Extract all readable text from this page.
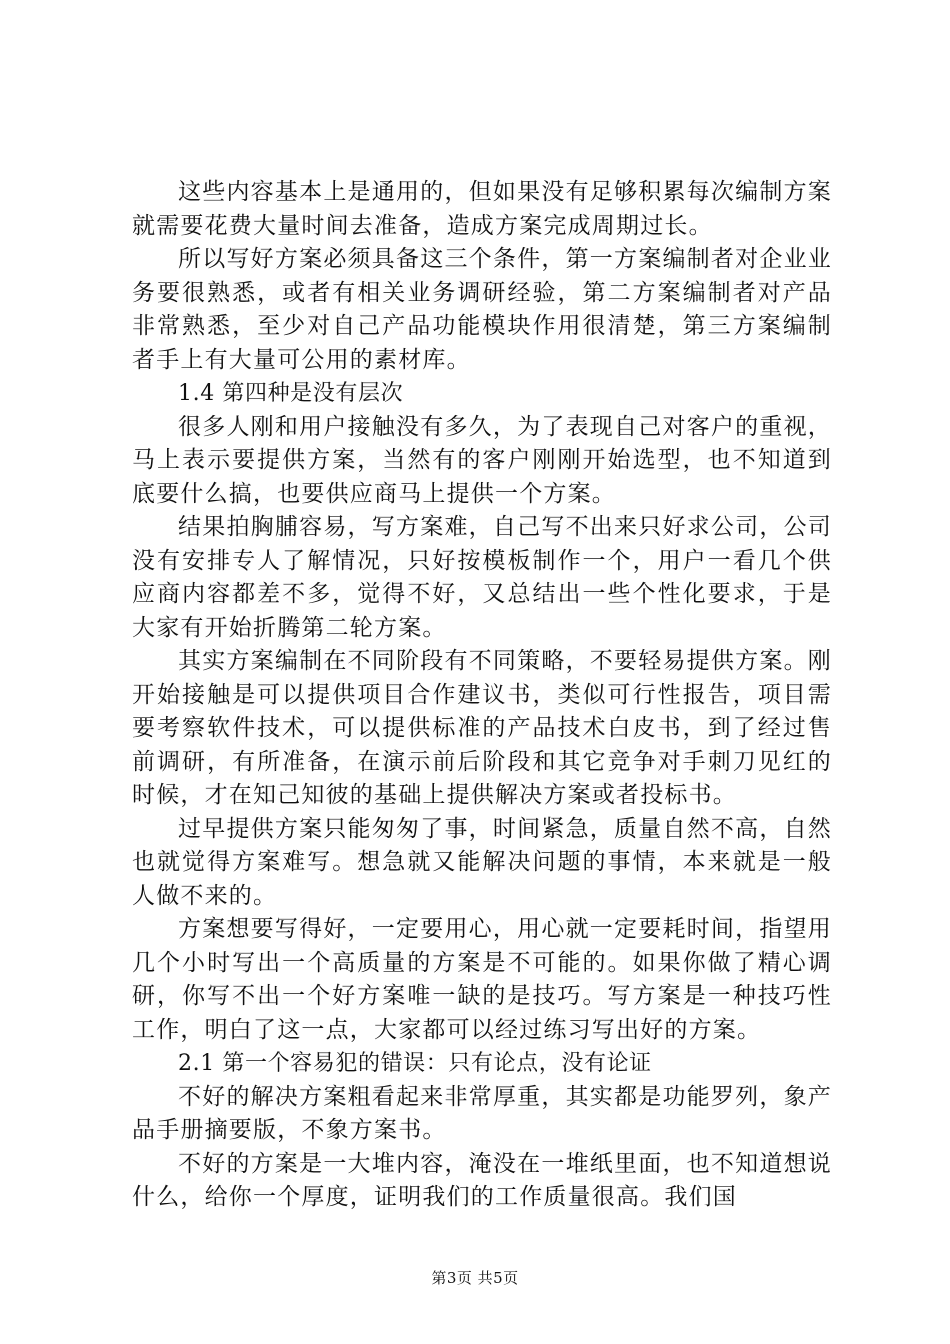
这些内容基本上是通用的，但如果没有足够积累每次编制方案就需要花费大量时间去准备，造成方案完成周期过长。

所以写好方案必须具备这三个条件，第一方案编制者对企业业务要很熟悉，或者有相关业务调研经验，第二方案编制者对产品非常熟悉，至少对自己产品功能模块作用很清楚，第三方案编制者手上有大量可公用的素材库。

1.4 第四种是没有层次

很多人刚和用户接触没有多久，为了表现自己对客户的重视，马上表示要提供方案，当然有的客户刚刚开始选型，也不知道到底要什么搞，也要供应商马上提供一个方案。

结果拍胸脯容易，写方案难，自己写不出来只好求公司，公司没有安排专人了解情况，只好按模板制作一个，用户一看几个供应商内容都差不多，觉得不好，又总结出一些个性化要求，于是大家有开始折腾第二轮方案。

其实方案编制在不同阶段有不同策略，不要轻易提供方案。刚开始接触是可以提供项目合作建议书，类似可行性报告，项目需要考察软件技术，可以提供标准的产品技术白皮书，到了经过售前调研，有所准备，在演示前后阶段和其它竞争对手刺刀见红的时候，才在知己知彼的基础上提供解决方案或者投标书。

过早提供方案只能匆匆了事，时间紧急，质量自然不高，自然也就觉得方案难写。想急就又能解决问题的事情，本来就是一般人做不来的。

方案想要写得好，一定要用心，用心就一定要耗时间，指望用几个小时写出一个高质量的方案是不可能的。如果你做了精心调研，你写不出一个好方案唯一缺的是技巧。写方案是一种技巧性工作，明白了这一点，大家都可以经过练习写出好的方案。

2.1 第一个容易犯的错误：只有论点，没有论证

不好的解决方案粗看起来非常厚重，其实都是功能罗列，象产品手册摘要版，不象方案书。

不好的方案是一大堆内容，淹没在一堆纸里面，也不知道想说什么，给你一个厚度，证明我们的工作质量很高。我们国

第3页 共5页
